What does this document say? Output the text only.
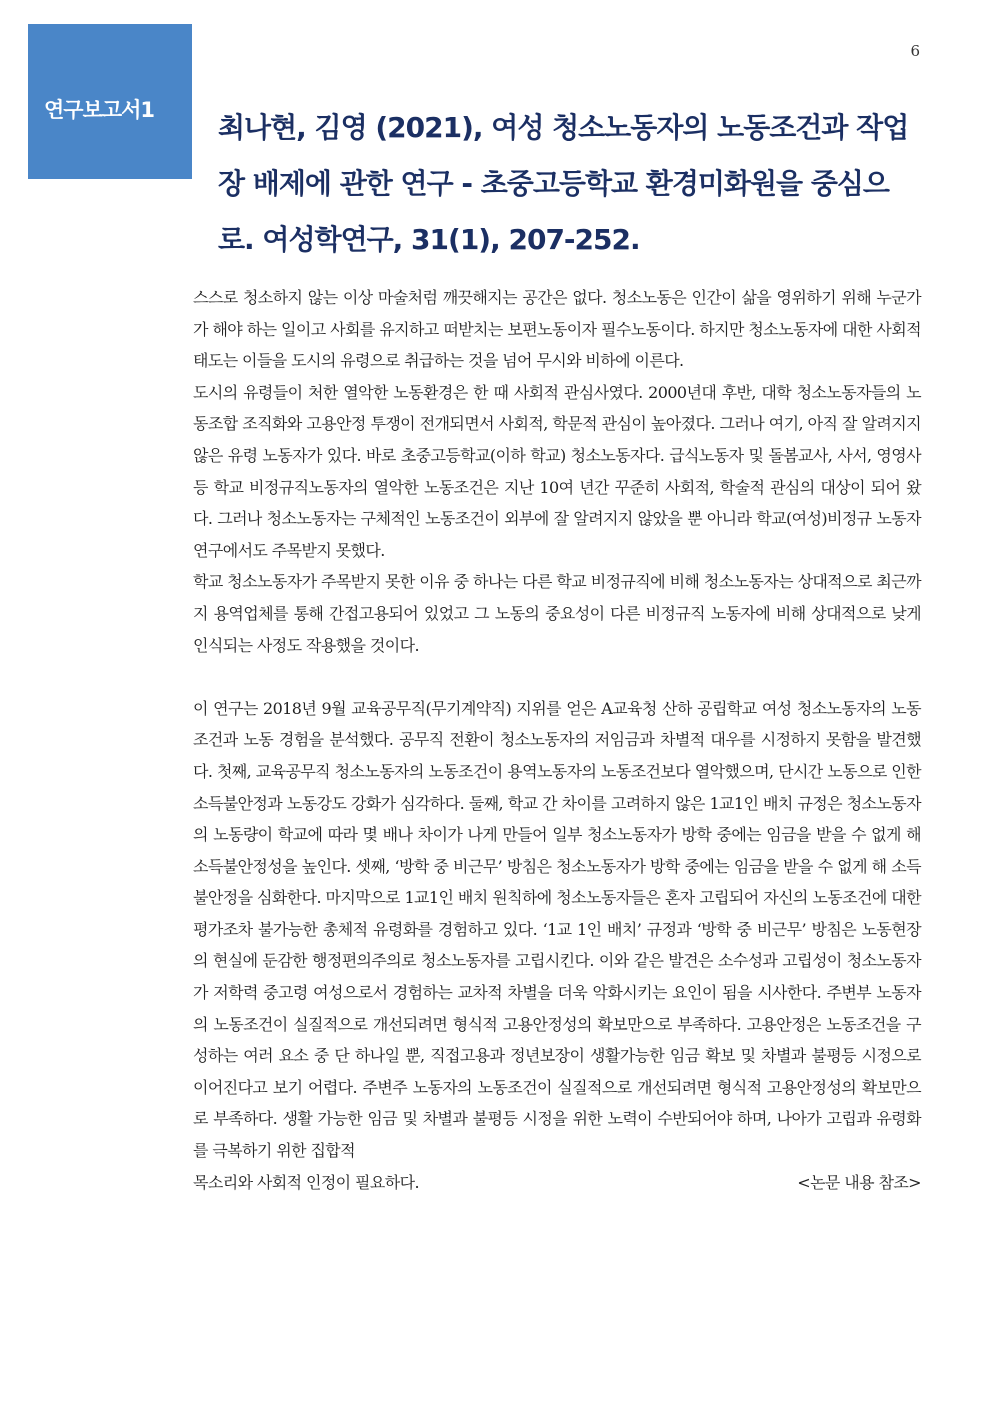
연구보고서1
6
최나현, 김영 (2021), 여성 청소노동자의 노동조건과 작업장 배제에 관한 연구 - 초중고등학교 환경미화원을 중심으로. 여성학연구, 31(1), 207-252.

스스로 청소하지 않는 이상 마술처럼 깨끗해지는 공간은 없다. 청소노동은 인간이 삶을 영위하기 위해 누군가가 해야 하는 일이고 사회를 유지하고 떠받치는 보편노동이자 필수노동이다. 하지만 청소노동자에 대한 사회적 태도는 이들을 도시의 유령으로 취급하는 것을 넘어 무시와 비하에 이른다.

도시의 유령들이 처한 열악한 노동환경은 한 때 사회적 관심사였다. 2000년대 후반, 대학 청소노동자들의 노동조합 조직화와 고용안정 투쟁이 전개되면서 사회적, 학문적 관심이 높아졌다. 그러나 여기, 아직 잘 알려지지 않은 유령 노동자가 있다. 바로 초중고등학교(이하 학교) 청소노동자다. 급식노동자 및 돌봄교사, 사서, 영영사 등 학교 비정규직노동자의 열악한 노동조건은 지난 10여 년간 꾸준히 사회적, 학술적 관심의 대상이 되어 왔다. 그러나 청소노동자는 구체적인 노동조건이 외부에 잘 알려지지 않았을 뿐 아니라 학교(여성)비정규 노동자 연구에서도 주목받지 못했다.

학교 청소노동자가 주목받지 못한 이유 중 하나는 다른 학교 비정규직에 비해 청소노동자는 상대적으로 최근까지 용역업체를 통해 간접고용되어 있었고 그 노동의 중요성이 다른 비정규직 노동자에 비해 상대적으로 낮게 인식되는 사정도 작용했을 것이다.

이 연구는 2018년 9월 교육공무직(무기계약직) 지위를 얻은 A교육청 산하 공립학교 여성 청소노동자의 노동조건과 노동 경험을 분석했다. 공무직 전환이 청소노동자의 저임금과 차별적 대우를 시정하지 못함을 발견했다. 첫째, 교육공무직 청소노동자의 노동조건이 용역노동자의 노동조건보다 열악했으며, 단시간 노동으로 인한 소득불안정과 노동강도 강화가 심각하다. 둘째, 학교 간 차이를 고려하지 않은 1교1인 배치 규정은 청소노동자의 노동량이 학교에 따라 몇 배나 차이가 나게 만들어 일부 청소노동자가 방학 중에는 임금을 받을 수 없게 해 소득불안정성을 높인다. 셋째, ‘방학 중 비근무’ 방침은 청소노동자가 방학 중에는 임금을 받을 수 없게 해 소득불안정을 심화한다. 마지막으로 1교1인 배치 원칙하에 청소노동자들은 혼자 고립되어 자신의 노동조건에 대한 평가조차 불가능한 총체적 유령화를 경험하고 있다. ‘1교 1인 배치’ 규정과 ‘방학 중 비근무’ 방침은 노동현장의 현실에 둔감한 행정편의주의로 청소노동자를 고립시킨다. 이와 같은 발견은 소수성과 고립성이 청소노동자가 저학력 중고령 여성으로서 경험하는 교차적 차별을 더욱 악화시키는 요인이 됨을 시사한다. 주변부 노동자의 노동조건이 실질적으로 개선되려면 형식적 고용안정성의 확보만으로 부족하다. 고용안정은 노동조건을 구성하는 여러 요소 중 단 하나일 뿐, 직접고용과 정년보장이 생활가능한 임금 확보 및 차별과 불평등 시정으로 이어진다고 보기 어렵다. 주변주 노동자의 노동조건이 실질적으로 개선되려면 형식적 고용안정성의 확보만으로 부족하다. 생활 가능한 임금 및 차별과 불평등 시정을 위한 노력이 수반되어야 하며, 나아가 고립과 유령화를 극복하기 위한 집합적

목소리와 사회적 인정이 필요하다.	<논문 내용 참조>
